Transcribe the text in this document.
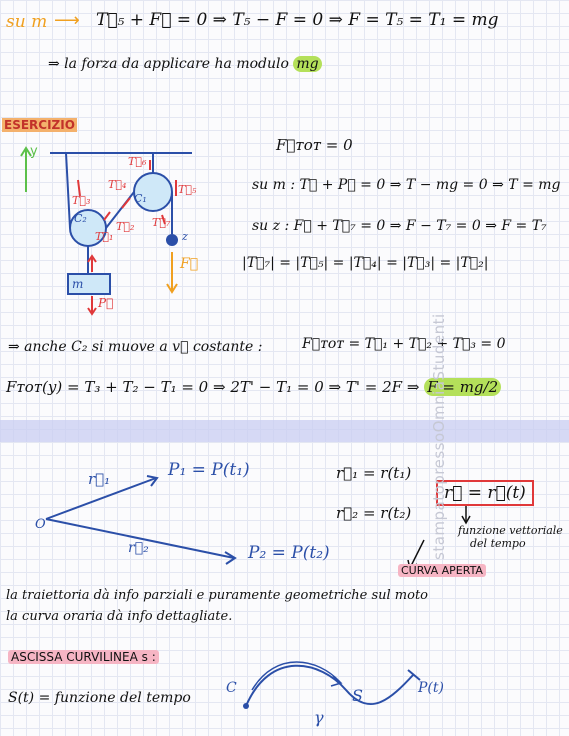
su m ⟶ T⃗₅ + F⃗ = 0 ⇒ T₅ − F = 0 ⇒ F = T₅ = T₁ = mg
⇒ la forza da applicare ha modulo mg
ESERCIZIO
y
T⃗₆
T⃗₄	T⃗₅
T⃗₃
T⃗₂ T⃗₇
T⃗₁
C₁
C₂
z
F⃗
m
P⃗
F⃗ᴛᴏᴛ = 0
su m : T⃗ + P⃗ = 0 ⇒ T − mg = 0 ⇒ T = mg
su z : F⃗ + T⃗₇ = 0 ⇒ F − T₇ = 0 ⇒ F = T₇
|T⃗₇| = |T⃗₅| = |T⃗₄| = |T⃗₃| = |T⃗₂|
⇒ anche C₂ si muove a v⃗ costante :	F⃗ᴛᴏᴛ = T⃗₁ + T⃗₂ + T⃗₃ = 0
Fᴛᴏᴛ(y) = T₃ + T₂ − T₁ = 0 ⇒ 2T' − T₁ = 0 ⇒ T' = 2F ⇒ F = mg/2
O
r⃗₁
r⃗₂
P₁ = P(t₁)
P₂ = P(t₂)
r⃗₁ = r(t₁)
r⃗₂ = r(t₂)
r⃗ = r⃗(t)
funzione vettoriale
del tempo
CURVA APERTA
la traiettoria dà info parziali e puramente geometriche sul moto
la curva oraria dà info dettagliate.
ASCISSA CURVILINEA s :
S(t) = funzione del tempo
C
γ
S	P(t)
stampatopressoOmniaStudenti
